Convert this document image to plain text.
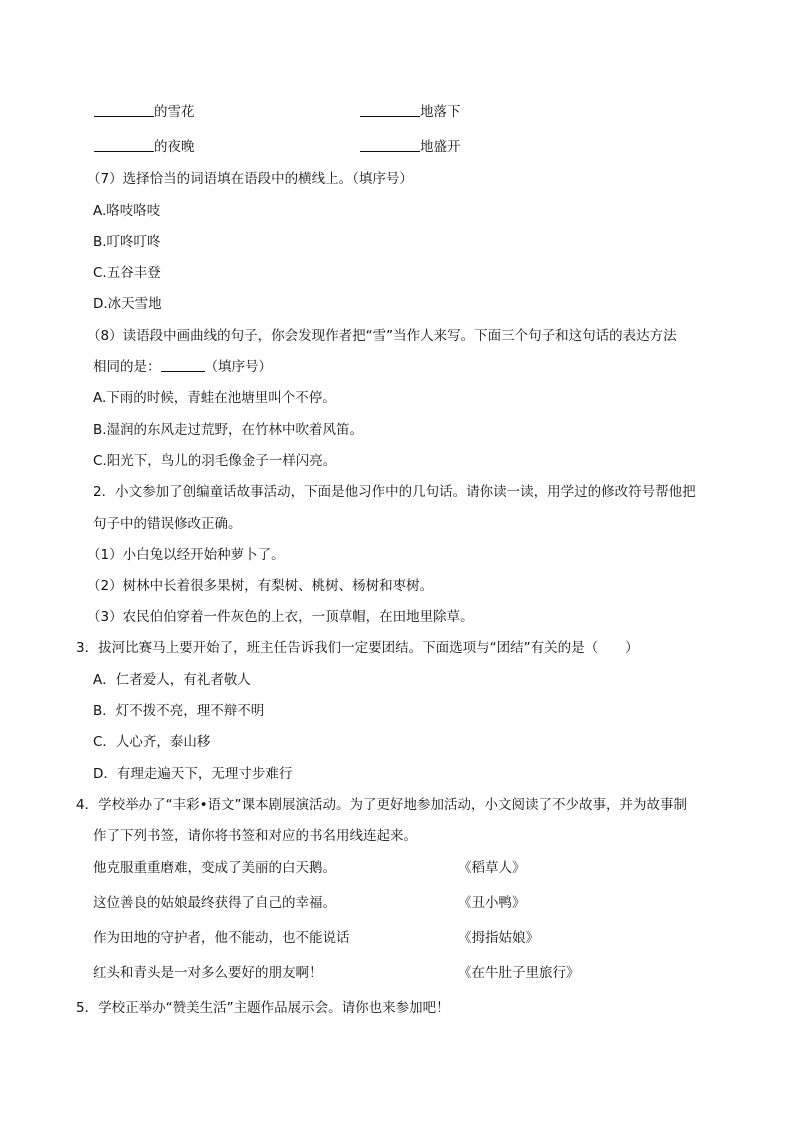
的雪花	地落下
的夜晚	地盛开
（7）选择恰当的词语填在语段中的横线上。（填序号）
A.咯吱咯吱
B.叮咚叮咚
C.五谷丰登
D.冰天雪地
（8）读语段中画曲线的句子，你会发现作者把“雪”当作人来写。下面三个句子和这句话的表达方法
相同的是：	（填序号）
A.下雨的时候，青蛙在池塘里叫个不停。
B.湿润的东风走过荒野，在竹林中吹着风笛。
C.阳光下，鸟儿的羽毛像金子一样闪亮。
2．小文参加了创编童话故事活动，下面是他习作中的几句话。请你读一读，用学过的修改符号帮他把
句子中的错误修改正确。
（1）小白兔以经开始种萝卜了。
（2）树林中长着很多果树，有梨树、桃树、杨树和枣树。
（3）农民伯伯穿着一件灰色的上衣，一顶草帽，在田地里除草。
3．拔河比赛马上要开始了，班主任告诉我们一定要团结。下面选项与“团结”有关的是（　　）
A．仁者爱人，有礼者敬人
B．灯不拨不亮，理不辩不明
C．人心齐，泰山移
D．有理走遍天下，无理寸步难行
4．学校举办了“丰彩•语文”课本剧展演活动。为了更好地参加活动，小文阅读了不少故事，并为故事制
作了下列书签，请你将书签和对应的书名用线连起来。
他克服重重磨难，变成了美丽的白天鹅。	《稻草人》
这位善良的姑娘最终获得了自己的幸福。	《丑小鸭》
作为田地的守护者，他不能动，也不能说话	《拇指姑娘》
红头和青头是一对多么要好的朋友啊！	《在牛肚子里旅行》
5．学校正举办“赞美生活”主题作品展示会。请你也来参加吧！
